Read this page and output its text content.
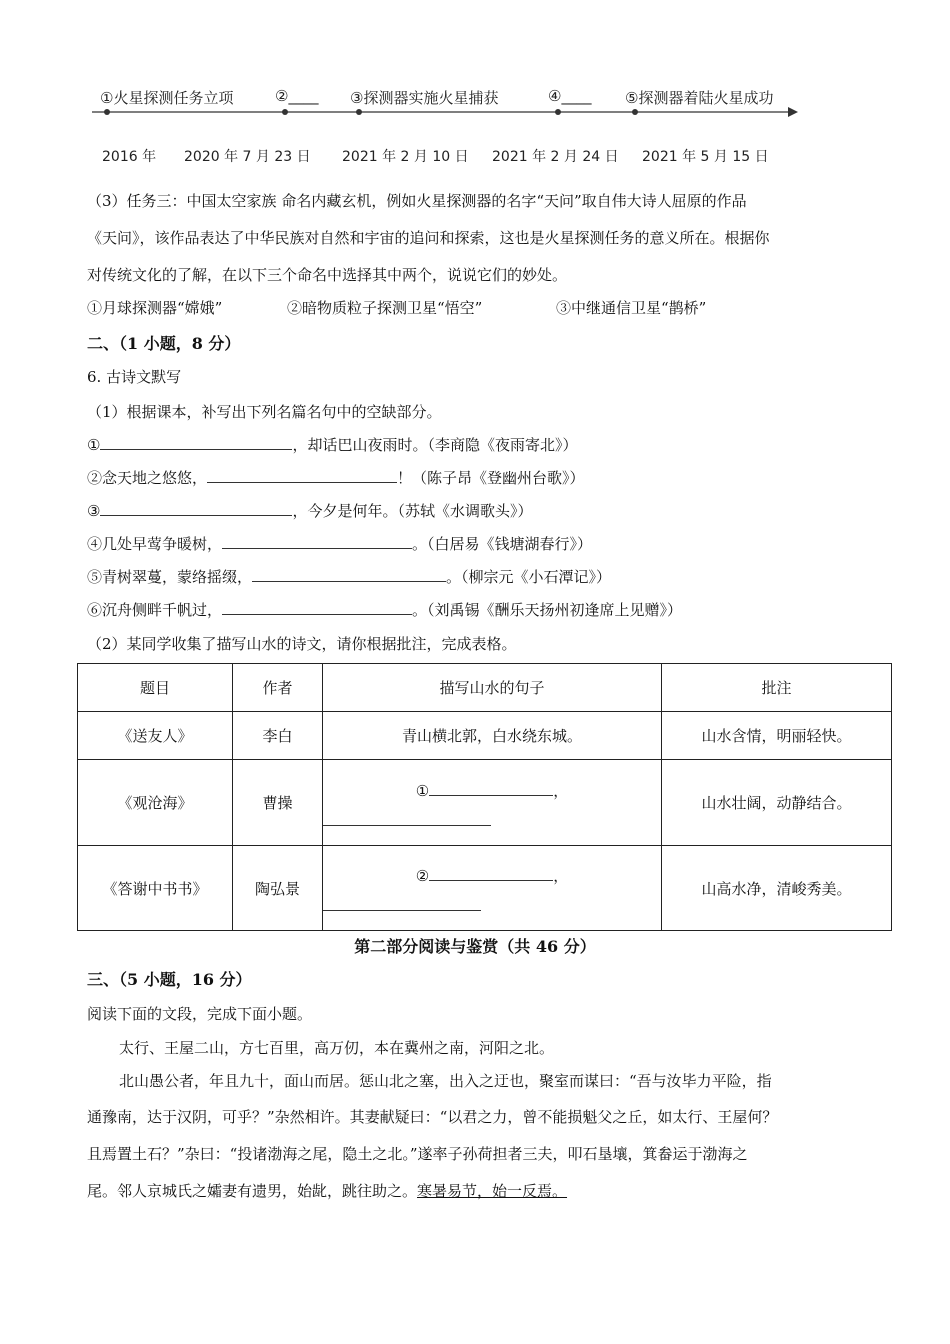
①火星探测任务立项	②____ ③探测器实施火星捕获	④____ ⑤探测器着陆火星成功
2016 年 2020 年 7 月 23 日 2021 年 2 月 10 日 2021 年 2 月 24 日 2021 年 5 月 15 日
（3）任务三：中国太空家族 命名内藏玄机，例如火星探测器的名字“天问”取自伟大诗人屈原的作品
《天问》，该作品表达了中华民族对自然和宇宙的追问和探索，这也是火星探测任务的意义所在。根据你
对传统文化的了解，在以下三个命名中选择其中两个，说说它们的妙处。
①月球探测器“嫦娥”	②暗物质粒子探测卫星“悟空”	③中继通信卫星“鹊桥”
二、（1 小题，8 分）
6. 古诗文默写
（1）根据课本，补写出下列名篇名句中的空缺部分。
①	，却话巴山夜雨时。（李商隐《夜雨寄北》）
②念天地之悠悠，	！（陈子昂《登幽州台歌》）
③	，今夕是何年。（苏轼《水调歌头》）
④几处早莺争暖树，	。（白居易《钱塘湖春行》）
⑤青树翠蔓，蒙络摇缀，	。（柳宗元《小石潭记》）
⑥沉舟侧畔千帆过，	。（刘禹锡《酬乐天扬州初逢席上见赠》）
（2）某同学收集了描写山水的诗文，请你根据批注，完成表格。
题目	作者	描写山水的句子	批注
《送友人》	李白	青山横北郭，白水绕东城。	山水含情，明丽轻快。
《观沧海》	曹操	① ，	山水壮阔，动静结合。
《答谢中书书》	陶弘景	② ，	山高水净，清峻秀美。
第二部分阅读与鉴赏（共 46 分）
三、（5 小题，16 分）
阅读下面的文段，完成下面小题。
太行、王屋二山，方七百里，高万仞，本在冀州之南，河阳之北。
北山愚公者，年且九十，面山而居。惩山北之塞，出入之迂也，聚室而谋曰：“吾与汝毕力平险，指
通豫南，达于汉阴，可乎？”杂然相许。其妻献疑曰：“以君之力，曾不能损魁父之丘，如太行、王屋何？
且焉置土石？”杂曰：“投诸渤海之尾，隐土之北。”遂率子孙荷担者三夫，叩石垦壤，箕畚运于渤海之
尾。邻人京城氏之孀妻有遗男，始龀，跳往助之。寒暑易节，始一反焉。
